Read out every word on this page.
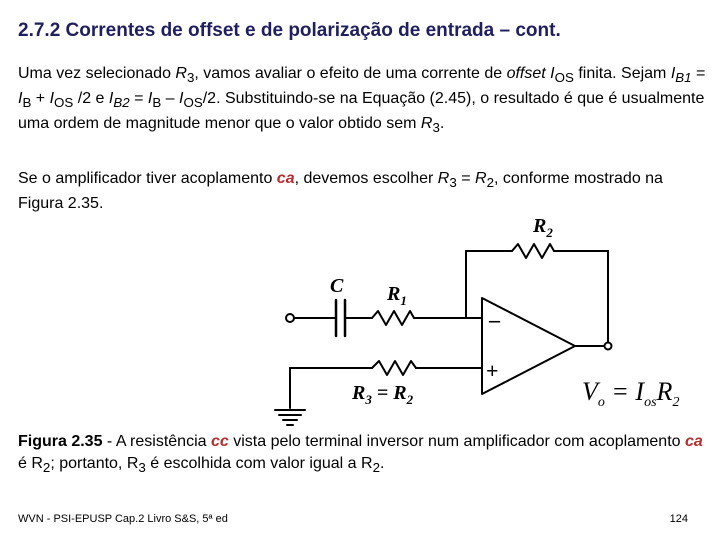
2.7.2 Correntes de offset e de polarização de entrada – cont.
Uma vez selecionado $R_3$, vamos avaliar o efeito de uma corrente de offset $I_{OS}$ finita. Sejam $I_{B1} = I_B + I_{OS}$ /2 e $I_{B2} = I_B - I_{OS}/2$. Substituindo-se na Equação (2.45), o resultado é que é usualmente uma ordem de magnitude menor que o valor obtido sem $R_3$.
Se o amplificador tiver acoplamento ca, devemos escolher $R_3 = R_2$, conforme mostrado na Figura 2.35.
$R_2$
C $R_1$
$R_3 = R_2$
–
+
$V_o = I_{os}R_2$
Figura 2.35 - A resistência cc vista pelo terminal inversor num amplificador com acoplamento ca é $R_2$; portanto, $R_3$ é escolhida com valor igual a $R_2$.
WVN - PSI-EPUSP Cap.2 Livro S&S, 5ª ed	124
